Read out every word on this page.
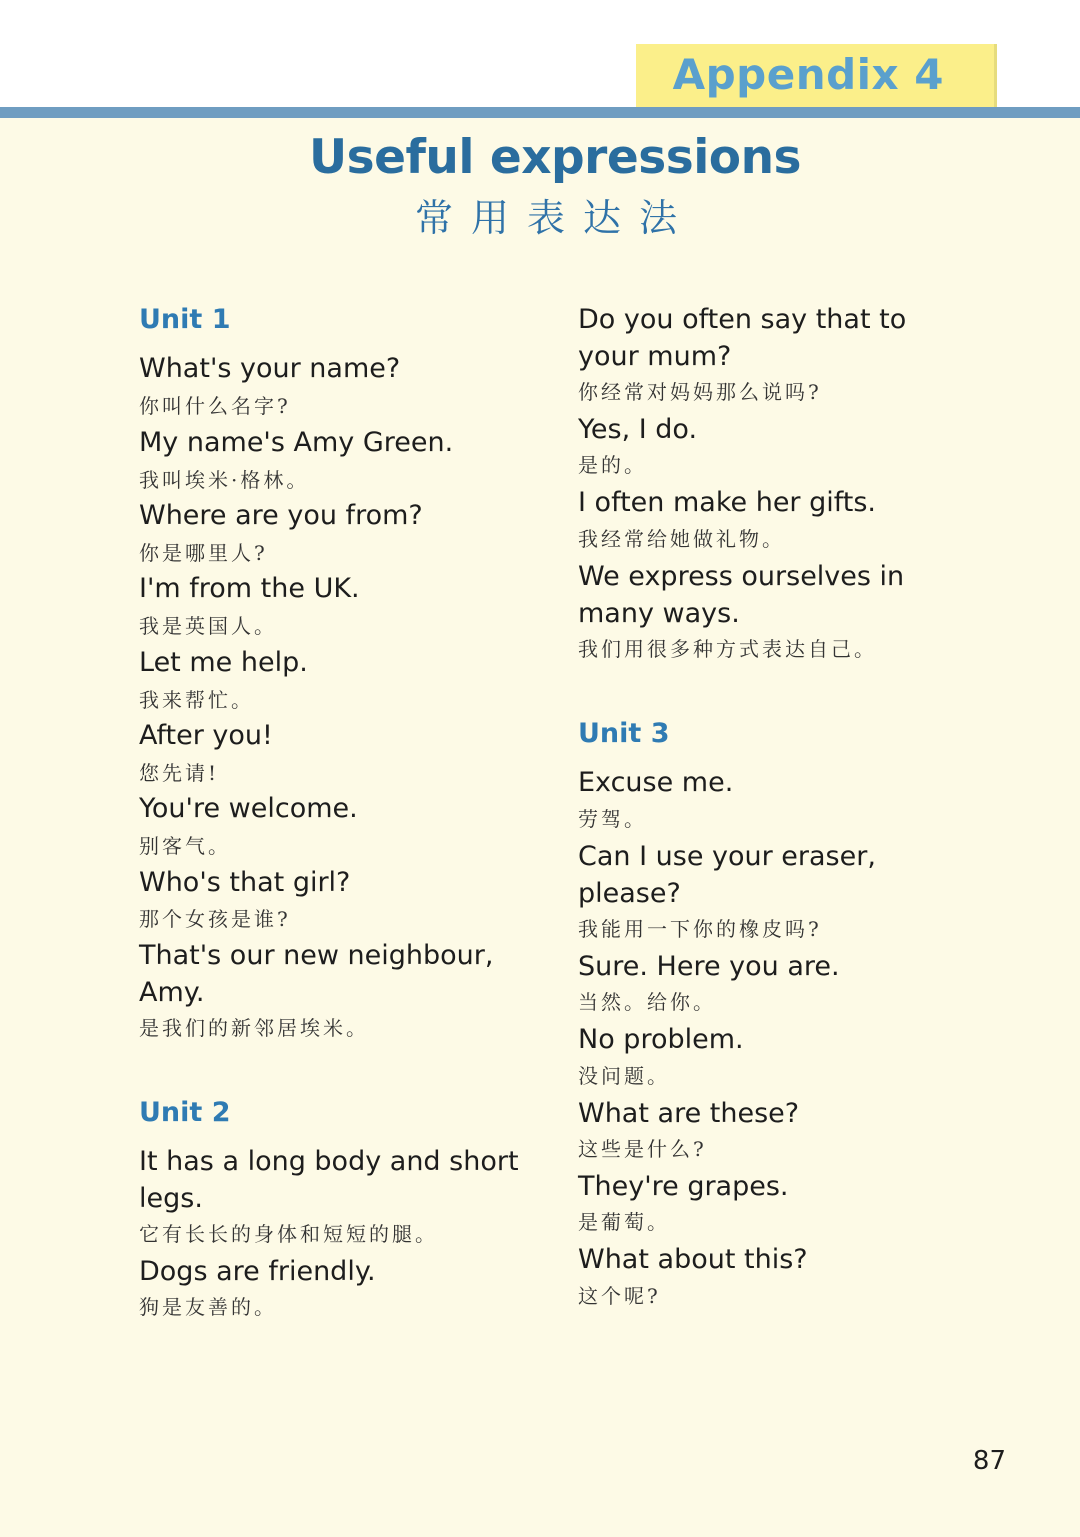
Appendix 4
Useful expressions
常用表达法
Unit 1
What's your name?
你叫什么名字?
My name's Amy Green.
我叫埃米·格林。
Where are you from?
你是哪里人?
I'm from the UK.
我是英国人。
Let me help.
我来帮忙。
After you!
您先请!
You're welcome.
别客气。
Who's that girl?
那个女孩是谁?
That's our new neighbour,
Amy.
是我们的新邻居埃米。
Unit 2
It has a long body and short
legs.
它有长长的身体和短短的腿。
Dogs are friendly.
狗是友善的。
Do you often say that to
your mum?
你经常对妈妈那么说吗?
Yes, I do.
是的。
I often make her gifts.
我经常给她做礼物。
We express ourselves in
many ways.
我们用很多种方式表达自己。
Unit 3
Excuse me.
劳驾。
Can I use your eraser,
please?
我能用一下你的橡皮吗?
Sure. Here you are.
当然。给你。
No problem.
没问题。
What are these?
这些是什么?
They're grapes.
是葡萄。
What about this?
这个呢?
87
